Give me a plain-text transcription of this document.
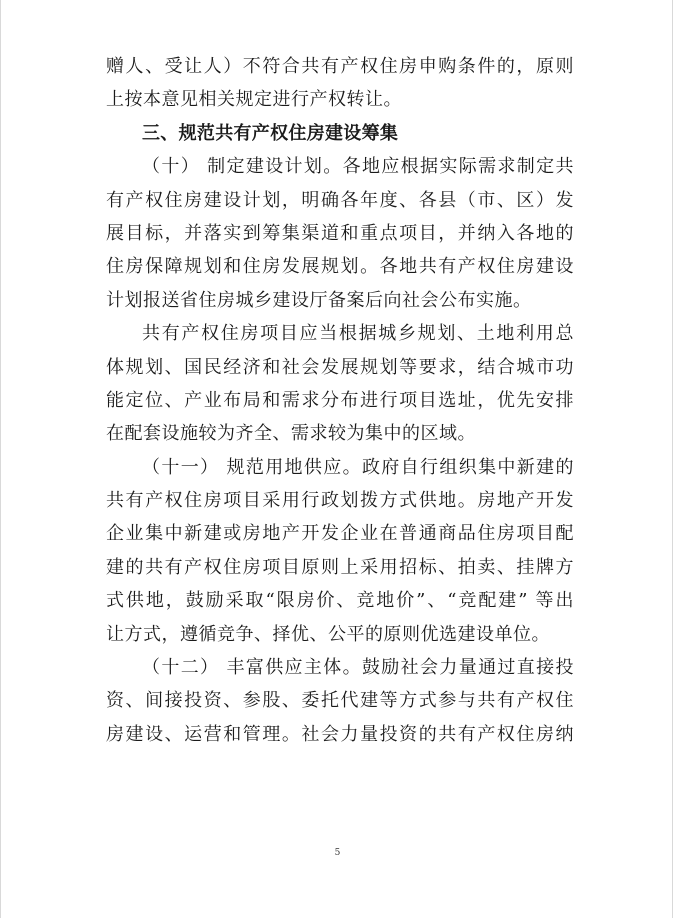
赠人、受让人）不符合共有产权住房申购条件的，原则
上按本意见相关规定进行产权转让。
三、规范共有产权住房建设筹集
（十） 制定建设计划。各地应根据实际需求制定共
有产权住房建设计划，明确各年度、各县（市、区）发
展目标，并落实到筹集渠道和重点项目，并纳入各地的
住房保障规划和住房发展规划。各地共有产权住房建设
计划报送省住房城乡建设厅备案后向社会公布实施。
共有产权住房项目应当根据城乡规划、土地利用总
体规划、国民经济和社会发展规划等要求，结合城市功
能定位、产业布局和需求分布进行项目选址，优先安排
在配套设施较为齐全、需求较为集中的区域。
（十一） 规范用地供应。政府自行组织集中新建的
共有产权住房项目采用行政划拨方式供地。房地产开发
企业集中新建或房地产开发企业在普通商品住房项目配
建的共有产权住房项目原则上采用招标、拍卖、挂牌方
式供地，鼓励采取“限房价、竞地价”、“竞配建” 等出
让方式，遵循竞争、择优、公平的原则优选建设单位。
（十二） 丰富供应主体。鼓励社会力量通过直接投
资、间接投资、参股、委托代建等方式参与共有产权住
房建设、运营和管理。社会力量投资的共有产权住房纳
5
